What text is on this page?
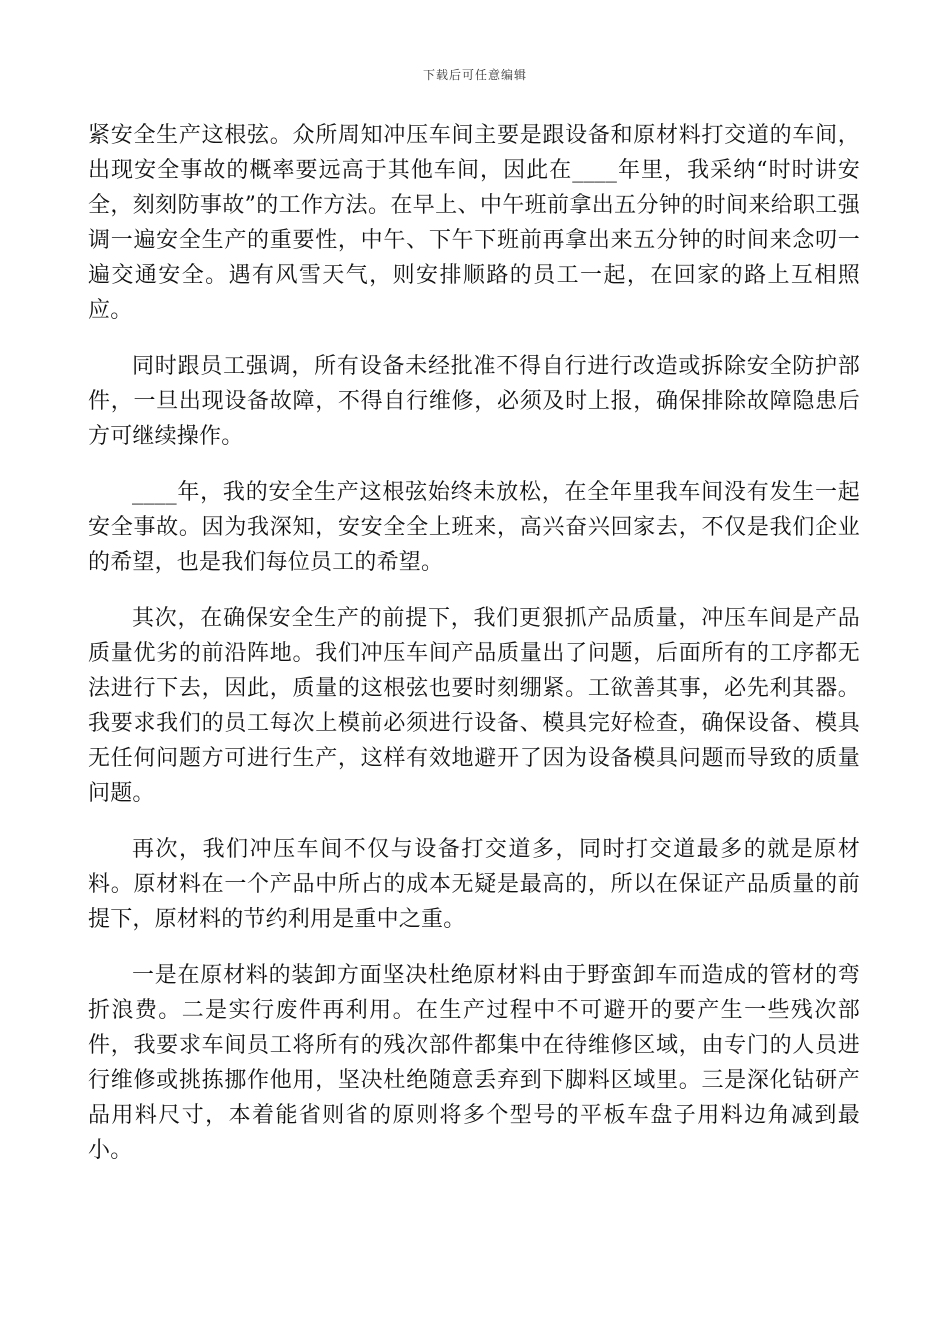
下载后可任意编辑

紧安全生产这根弦。众所周知冲压车间主要是跟设备和原材料打交道的车间，出现安全事故的概率要远高于其他车间，因此在____年里，我采纳“时时讲安全，刻刻防事故”的工作方法。在早上、中午班前拿出五分钟的时间来给职工强调一遍安全生产的重要性，中午、下午下班前再拿出来五分钟的时间来念叨一遍交通安全。遇有风雪天气，则安排顺路的员工一起，在回家的路上互相照应。

同时跟员工强调，所有设备未经批准不得自行进行改造或拆除安全防护部件，一旦出现设备故障，不得自行维修，必须及时上报，确保排除故障隐患后方可继续操作。

____年，我的安全生产这根弦始终未放松，在全年里我车间没有发生一起安全事故。因为我深知，安安全全上班来，高兴奋兴回家去，不仅是我们企业的希望，也是我们每位员工的希望。

其次，在确保安全生产的前提下，我们更狠抓产品质量，冲压车间是产品质量优劣的前沿阵地。我们冲压车间产品质量出了问题，后面所有的工序都无法进行下去，因此，质量的这根弦也要时刻绷紧。工欲善其事，必先利其器。我要求我们的员工每次上模前必须进行设备、模具完好检查，确保设备、模具无任何问题方可进行生产，这样有效地避开了因为设备模具问题而导致的质量问题。

再次，我们冲压车间不仅与设备打交道多，同时打交道最多的就是原材料。原材料在一个产品中所占的成本无疑是最高的，所以在保证产品质量的前提下，原材料的节约利用是重中之重。

一是在原材料的装卸方面坚决杜绝原材料由于野蛮卸车而造成的管材的弯折浪费。二是实行废件再利用。在生产过程中不可避开的要产生一些残次部件，我要求车间员工将所有的残次部件都集中在待维修区域，由专门的人员进行维修或挑拣挪作他用，坚决杜绝随意丢弃到下脚料区域里。三是深化钻研产品用料尺寸，本着能省则省的原则将多个型号的平板车盘子用料边角减到最小。
